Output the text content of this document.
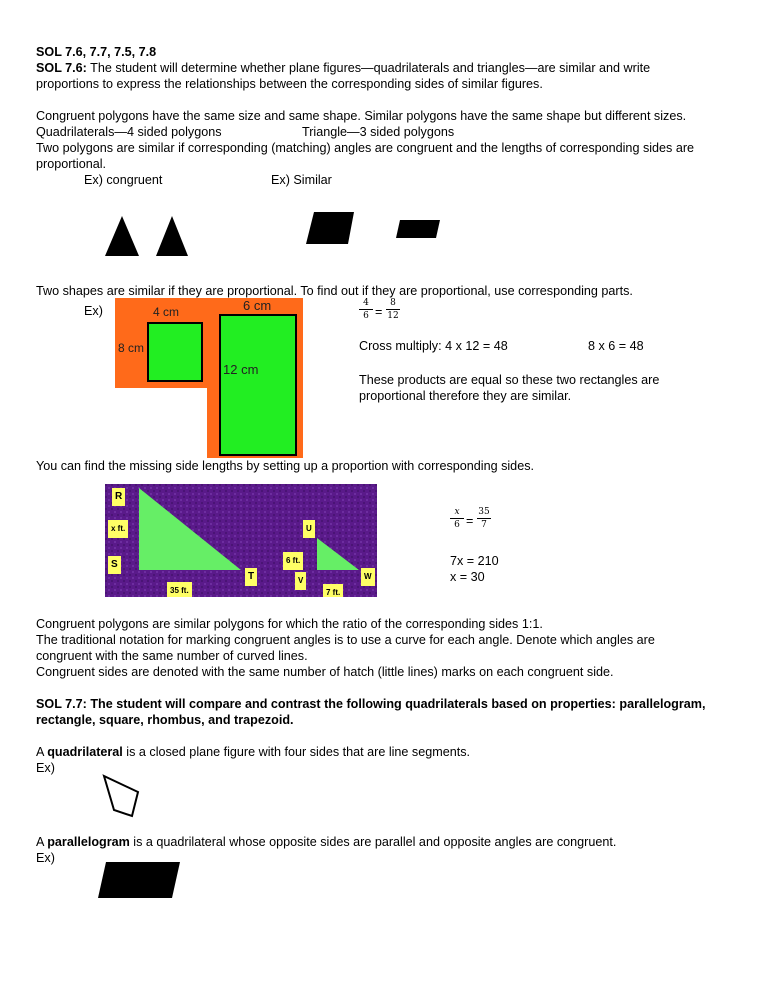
SOL 7.6, 7.7, 7.5, 7.8
SOL 7.6: The student will determine whether plane figures—quadrilaterals and triangles—are similar and write
proportions to express the relationships between the corresponding sides of similar figures.
Congruent polygons have the same size and same shape. Similar polygons have the same shape but different sizes.
Quadrilaterals—4 sided polygons	Triangle—3 sided polygons
Two polygons are similar if corresponding (matching) angles are congruent and the lengths of corresponding sides are
proportional.
Ex) congruent	Ex) Similar
Two shapes are similar if they are proportional. To find out if they are proportional, use corresponding parts.
Ex)	4 cm
8 cm
6 cm
12 cm
4
6 =
8
12
Cross multiply: 4 x 12 = 48	8 x 6 = 48
These products are equal so these two rectangles are
proportional therefore they are similar.
You can find the missing side lengths by setting up a proportion with corresponding sides.
R
x ft.
S
35 ft.
T
U
6 ft.
V	W
7 ft.
x
6 =
35
7
7x = 210
x = 30
Congruent polygons are similar polygons for which the ratio of the corresponding sides 1:1.
The traditional notation for marking congruent angles is to use a curve for each angle. Denote which angles are
congruent with the same number of curved lines.
Congruent sides are denoted with the same number of hatch (little lines) marks on each congruent side.
SOL 7.7: The student will compare and contrast the following quadrilaterals based on properties: parallelogram,
rectangle, square, rhombus, and trapezoid.
A quadrilateral is a closed plane figure with four sides that are line segments.
Ex)
A parallelogram is a quadrilateral whose opposite sides are parallel and opposite angles are congruent.
Ex)
